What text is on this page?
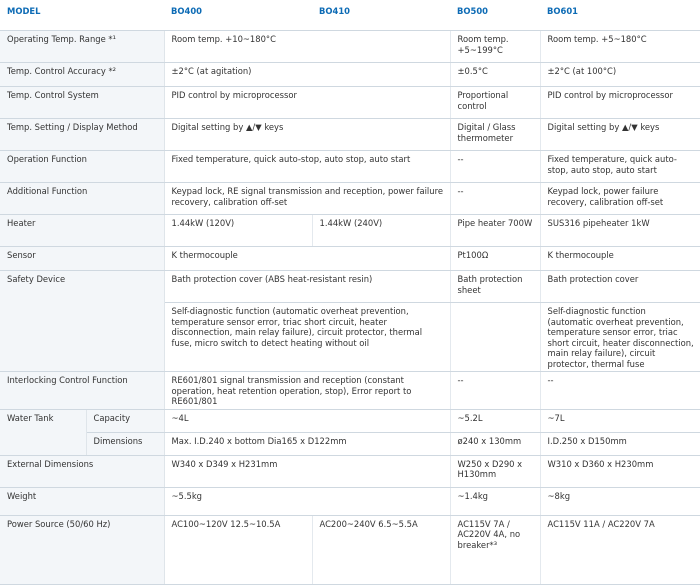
MODEL		BO400	BO410	BO500	BO601
Operating Temp. Range *¹		Room temp. +10~180°C		Room temp. +5~199°C	Room temp. +5~180°C
Temp. Control Accuracy *²		±2°C (at agitation)		±0.5°C	±2°C (at 100°C)
Temp. Control System		PID control by microprocessor		Proportional control	PID control by microprocessor
Temp. Setting / Display Method		Digital setting by ▲/▼ keys		Digital / Glass thermometer	Digital setting by ▲/▼ keys
Operation Function		Fixed temperature, quick auto-stop, auto stop, auto start		--	Fixed temperature, quick auto-stop, auto stop, auto start
Additional Function		Keypad lock, RE signal transmission and reception, power failure recovery, calibration off-set		--	Keypad lock, power failure recovery, calibration off-set
Heater		1.44kW (120V)	1.44kW (240V)	Pipe heater 700W	SUS316 pipeheater 1kW
Sensor		K thermocouple		Pt100Ω	K thermocouple
Safety Device		Bath protection cover (ABS heat-resistant resin)		Bath protection sheet	Bath protection cover
		Self-diagnostic function (automatic overheat prevention, temperature sensor error, triac short circuit, heater disconnection, main relay failure), circuit protector, thermal fuse, micro switch to detect heating without oil			Self-diagnostic function (automatic overheat prevention, temperature sensor error, triac short circuit, heater disconnection, main relay failure), circuit protector, thermal fuse
Interlocking Control Function		RE601/801 signal transmission and reception (constant operation, heat retention operation, stop), Error report to RE601/801		--	--
Water Tank	Capacity	~4L		~5.2L	~7L
	Dimensions	Max. I.D.240 x bottom Dia165 x D122mm		ø240 x 130mm	I.D.250 x D150mm
External Dimensions		W340 x D349 x H231mm		W250 x D290 x H130mm	W310 x D360 x H230mm
Weight		~5.5kg		~1.4kg	~8kg
Power Source (50/60 Hz)		AC100~120V 12.5~10.5A	AC200~240V 6.5~5.5A	AC115V 7A / AC220V 4A, no breaker*³	AC115V 11A / AC220V 7A
